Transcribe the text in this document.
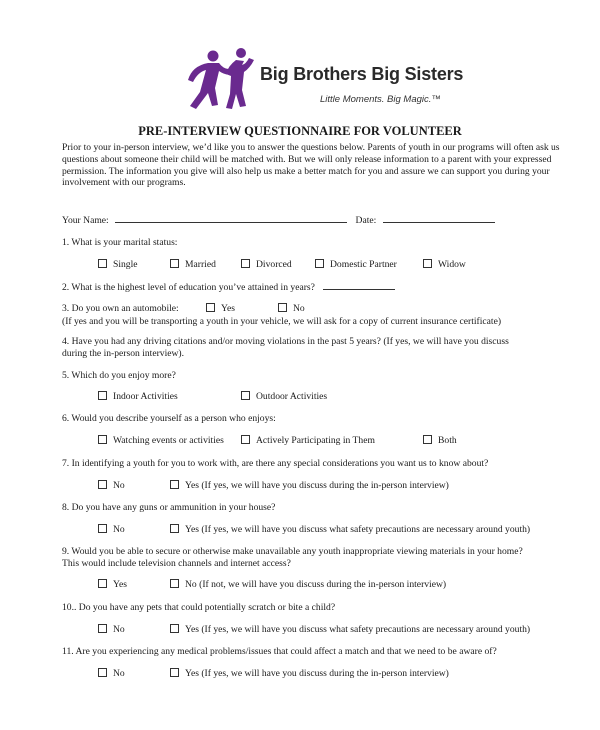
Big Brothers Big Sisters
Little Moments. Big Magic.™
PRE-INTERVIEW QUESTIONNAIRE FOR VOLUNTEER
Prior to your in-person interview, we’d like you to answer the questions below. Parents of youth in our programs will often ask us questions about someone their child will be matched with. But we will only release information to a parent with your expressed permission. The information you give will also help us make a better match for you and assure we can support you during your involvement with our programs.
Your Name:	Date:
1. What is your marital status:
Single	Married	Divorced	Domestic Partner	Widow
2. What is the highest level of education you’ve attained in years?
3. Do you own an automobile:	Yes	No
(If yes and you will be transporting a youth in your vehicle, we will ask for a copy of current insurance certificate)
4. Have you had any driving citations and/or moving violations in the past 5 years? (If yes, we will have you discuss
during the in-person interview).
5. Which do you enjoy more?
Indoor Activities	Outdoor Activities
6. Would you describe yourself as a person who enjoys:
Watching events or activities	Actively Participating in Them	Both
7. In identifying a youth for you to work with, are there any special considerations you want us to know about?
No	Yes (If yes, we will have you discuss during the in-person interview)
8. Do you have any guns or ammunition in your house?
No	Yes (If yes, we will have you discuss what safety precautions are necessary around youth)
9. Would you be able to secure or otherwise make unavailable any youth inappropriate viewing materials in your home?
This would include television channels and internet access?
Yes	No (If not, we will have you discuss during the in-person interview)
10.. Do you have any pets that could potentially scratch or bite a child?
No	Yes (If yes, we will have you discuss what safety precautions are necessary around youth)
11. Are you experiencing any medical problems/issues that could affect a match and that we need to be aware of?
No	Yes (If yes, we will have you discuss during the in-person interview)
